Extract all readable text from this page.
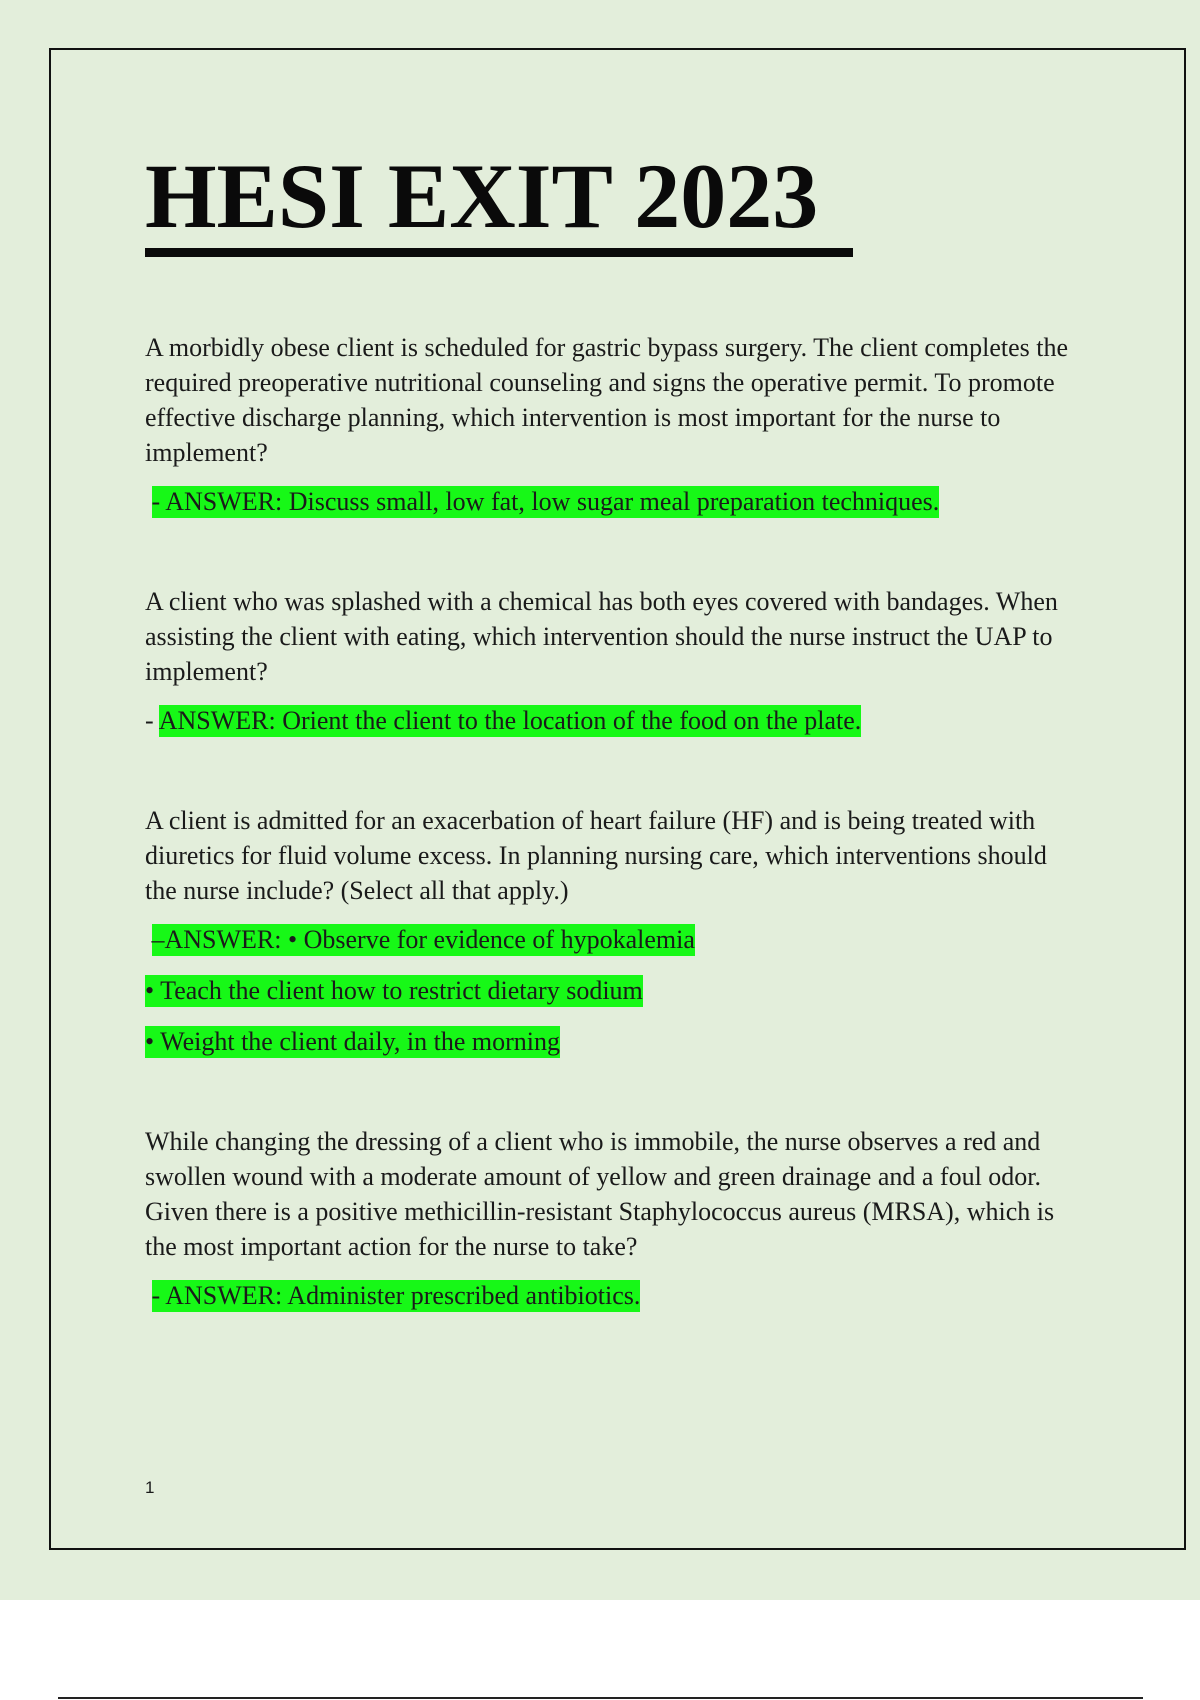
HESI EXIT 2023

A morbidly obese client is scheduled for gastric bypass surgery. The client completes the required preoperative nutritional counseling and signs the operative permit. To promote effective discharge planning, which intervention is most important for the nurse to implement?

- ANSWER: Discuss small, low fat, low sugar meal preparation techniques.

A client who was splashed with a chemical has both eyes covered with bandages. When assisting the client with eating, which intervention should the nurse instruct the UAP to implement?

- ANSWER: Orient the client to the location of the food on the plate.

A client is admitted for an exacerbation of heart failure (HF) and is being treated with diuretics for fluid volume excess. In planning nursing care, which interventions should the nurse include? (Select all that apply.)

–ANSWER: • Observe for evidence of hypokalemia

• Teach the client how to restrict dietary sodium

• Weight the client daily, in the morning

While changing the dressing of a client who is immobile, the nurse observes a red and swollen wound with a moderate amount of yellow and green drainage and a foul odor. Given there is a positive methicillin-resistant Staphylococcus aureus (MRSA), which is the most important action for the nurse to take?

- ANSWER: Administer prescribed antibiotics.

1
